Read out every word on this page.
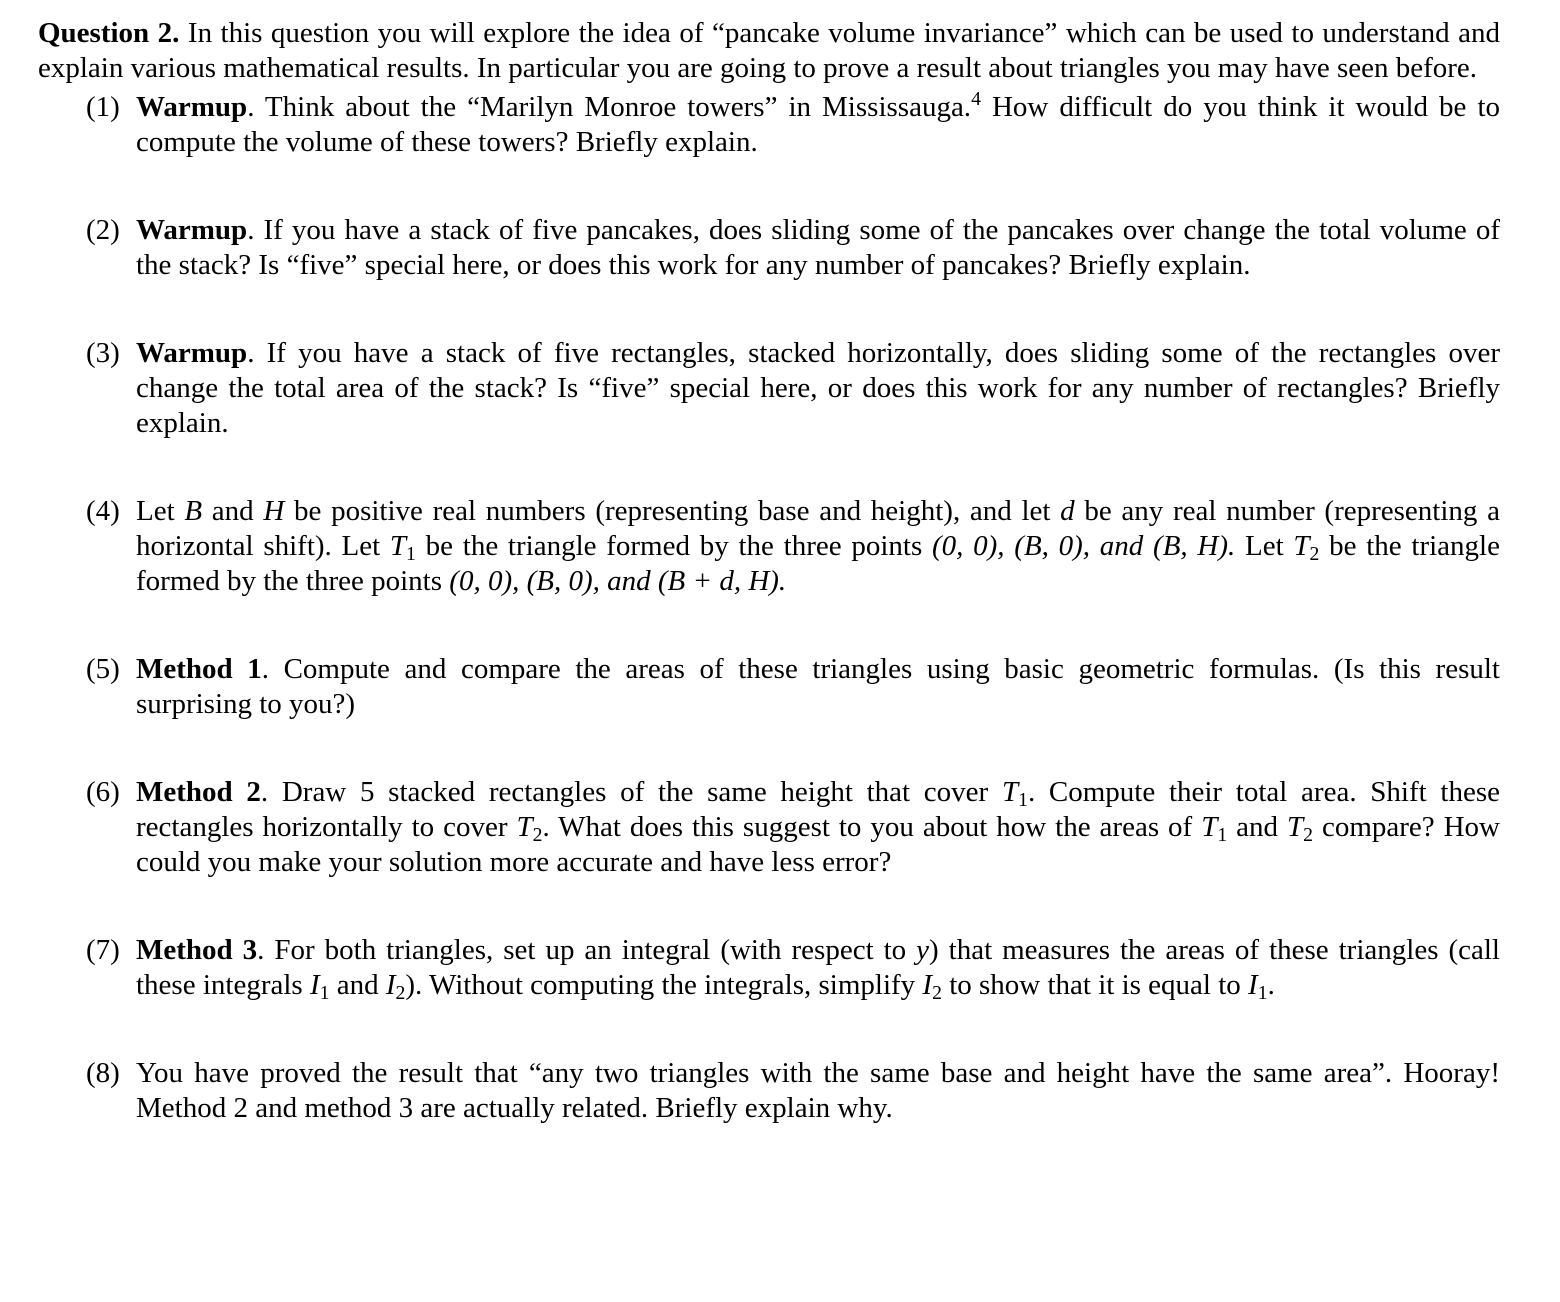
Question 2. In this question you will explore the idea of “pancake volume invariance” which can be used to understand and explain various mathematical results. In particular you are going to prove a result about triangles you may have seen before.

(1) Warmup. Think about the “Marilyn Monroe towers” in Mississauga.$^4$ How difficult do you think it would be to compute the volume of these towers? Briefly explain.
(2) Warmup. If you have a stack of five pancakes, does sliding some of the pancakes over change the total volume of the stack? Is “five” special here, or does this work for any number of pancakes? Briefly explain.
(3) Warmup. If you have a stack of five rectangles, stacked horizontally, does sliding some of the rectangles over change the total area of the stack? Is “five” special here, or does this work for any number of rectangles? Briefly explain.
(4) Let B and H be positive real numbers (representing base and height), and let d be any real number (representing a horizontal shift). Let $T_1$ be the triangle formed by the three points (0, 0), (B, 0), and (B, H). Let $T_2$ be the triangle formed by the three points (0, 0), (B, 0), and (B + d, H).
(5) Method 1. Compute and compare the areas of these triangles using basic geometric formulas. (Is this result surprising to you?)
(6) Method 2. Draw 5 stacked rectangles of the same height that cover $T_1$. Compute their total area. Shift these rectangles horizontally to cover $T_2$. What does this suggest to you about how the areas of $T_1$ and $T_2$ compare? How could you make your solution more accurate and have less error?
(7) Method 3. For both triangles, set up an integral (with respect to y) that measures the areas of these triangles (call these integrals $I_1$ and $I_2$). Without computing the integrals, simplify $I_2$ to show that it is equal to $I_1$.
(8) You have proved the result that “any two triangles with the same base and height have the same area”. Hooray! Method 2 and method 3 are actually related. Briefly explain why.
